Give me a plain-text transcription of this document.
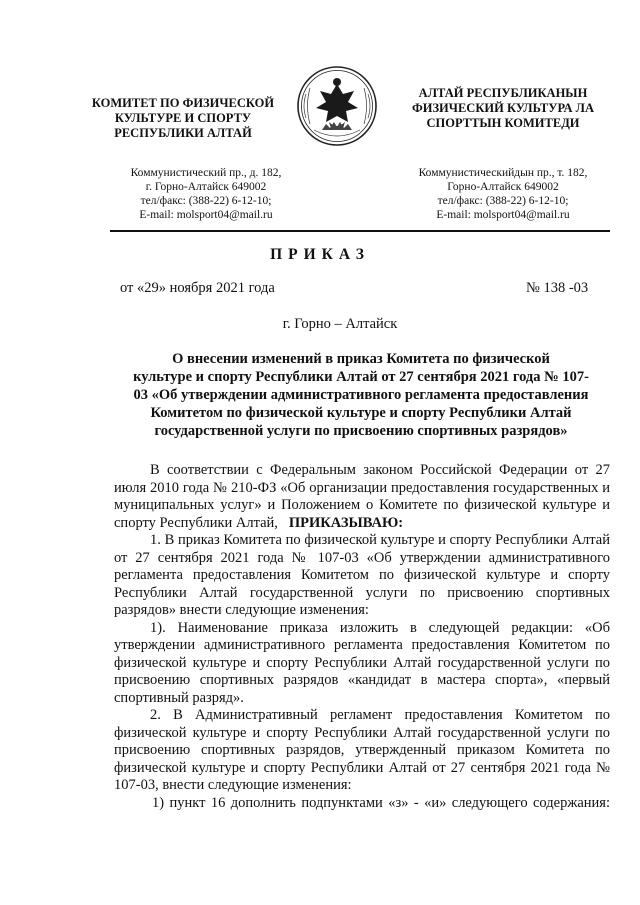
КОМИТЕТ ПО ФИЗИЧЕСКОЙ
КУЛЬТУРЕ И СПОРТУ
РЕСПУБЛИКИ АЛТАЙ
АЛТАЙ РЕСПУБЛИКАНЫН
ФИЗИЧЕСКИЙ КУЛЬТУРА ЛА
СПОРТТЫН КОМИТЕДИ
Коммунистический пр., д. 182,
г. Горно-Алтайск 649002
тел/факс: (388-22) 6-12-10;
E-mail: molsport04@mail.ru
Коммунистическийдын пр., т. 182,
Горно-Алтайск 649002
тел/факс: (388-22) 6-12-10;
E-mail: molsport04@mail.ru
ПРИКАЗ
от «29» ноября 2021 года	№ 138 -03
г. Горно – Алтайск
О внесении изменений в приказ Комитета по физической
культуре и спорту Республики Алтай от 27 сентября 2021 года № 107-
03 «Об утверждении административного регламента предоставления
Комитетом по физической культуре и спорту Республики Алтай
государственной услуги по присвоению спортивных разрядов»

В соответствии с Федеральным законом Российской Федерации от 27 июля 2010 года № 210-ФЗ «Об организации предоставления государственных и муниципальных услуг» и Положением о Комитете по физической культуре и спорту Республики Алтай, ПРИКАЗЫВАЮ:

1. В приказ Комитета по физической культуре и спорту Республики Алтай от 27 сентября 2021 года № 107-03 «Об утверждении административного регламента предоставления Комитетом по физической культуре и спорту Республики Алтай государственной услуги по присвоению спортивных разрядов» внести следующие изменения:

1). Наименование приказа изложить в следующей редакции: «Об утверждении административного регламента предоставления Комитетом по физической культуре и спорту Республики Алтай государственной услуги по присвоению спортивных разрядов «кандидат в мастера спорта», «первый спортивный разряд».

2. В Административный регламент предоставления Комитетом по физической культуре и спорту Республики Алтай государственной услуги по присвоению спортивных разрядов, утвержденный приказом Комитета по физической культуре и спорту Республики Алтай от 27 сентября 2021 года № 107-03, внести следующие изменения:

1) пункт 16 дополнить подпунктами «з» - «и» следующего содержания:
